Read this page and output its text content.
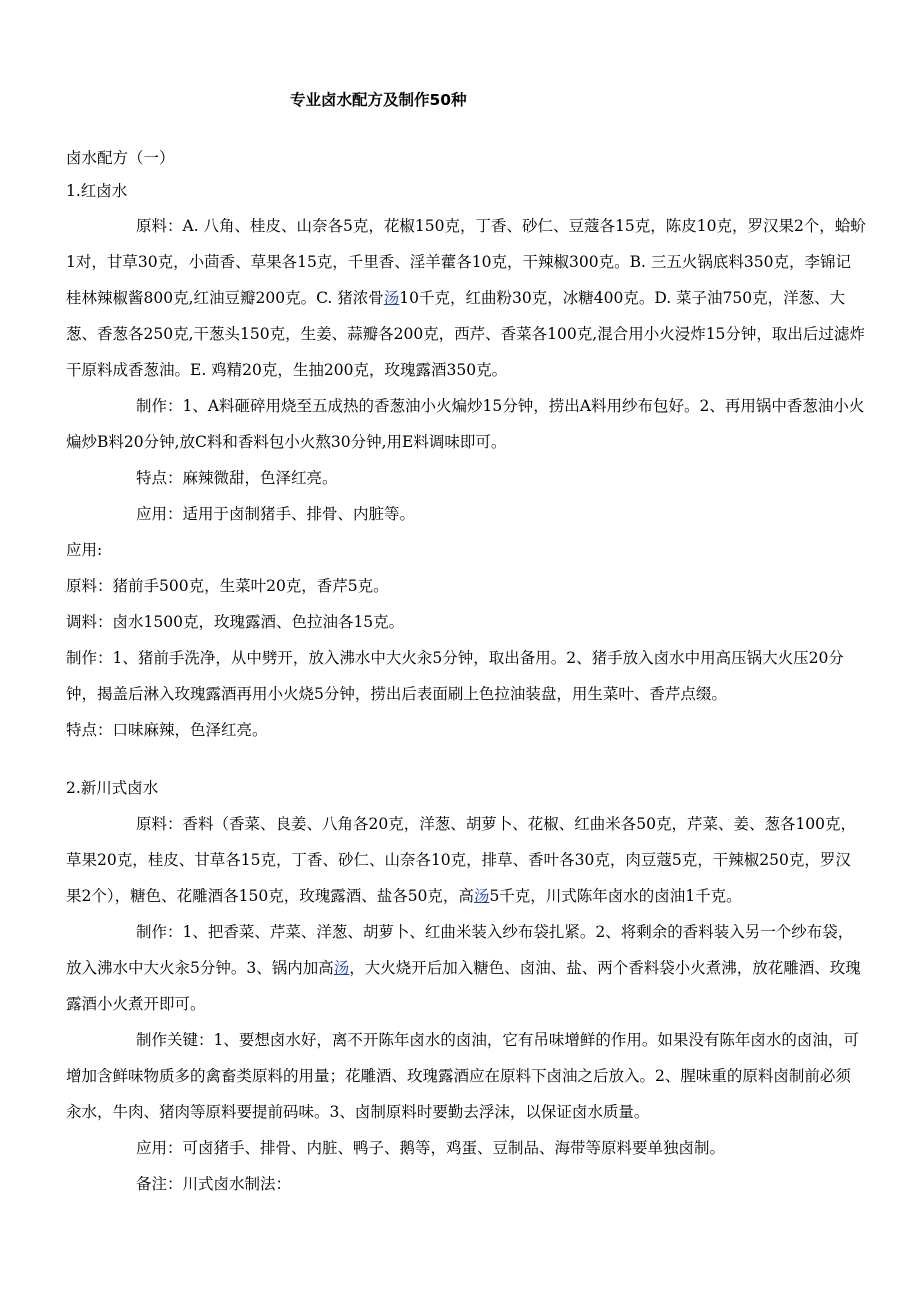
专业卤水配方及制作50种

卤水配方（一）

1.红卤水

原料：A. 八角、桂皮、山奈各5克，花椒150克，丁香、砂仁、豆蔻各15克，陈皮10克，罗汉果2个，蛤蚧1对，甘草30克，小茴香、草果各15克，千里香、淫羊藿各10克，干辣椒300克。B. 三五火锅底料350克，李锦记桂林辣椒酱800克,红油豆瓣200克。C. 猪浓骨汤10千克，红曲粉30克，冰糖400克。D. 菜子油750克，洋葱、大葱、香葱各250克,干葱头150克，生姜、蒜瓣各200克，西芹、香菜各100克,混合用小火浸炸15分钟，取出后过滤炸干原料成香葱油。E. 鸡精20克，生抽200克，玫瑰露酒350克。

制作：1、A料砸碎用烧至五成热的香葱油小火煸炒15分钟，捞出A料用纱布包好。2、再用锅中香葱油小火煸炒B料20分钟,放C料和香料包小火熬30分钟,用E料调味即可。

特点：麻辣微甜，色泽红亮。

应用：适用于卤制猪手、排骨、内脏等。

应用:

原料：猪前手500克，生菜叶20克，香芹5克。

调料：卤水1500克，玫瑰露酒、色拉油各15克。

制作：1、猪前手洗净，从中劈开，放入沸水中大火汆5分钟，取出备用。2、猪手放入卤水中用高压锅大火压20分钟，揭盖后淋入玫瑰露酒再用小火烧5分钟，捞出后表面刷上色拉油装盘，用生菜叶、香芹点缀。

特点：口味麻辣，色泽红亮。

2.新川式卤水

原料：香料（香菜、良姜、八角各20克，洋葱、胡萝卜、花椒、红曲米各50克，芹菜、姜、葱各100克，草果20克，桂皮、甘草各15克，丁香、砂仁、山奈各10克，排草、香叶各30克，肉豆蔻5克，干辣椒250克，罗汉果2个），糖色、花雕酒各150克，玫瑰露酒、盐各50克，高汤5千克，川式陈年卤水的卤油1千克。

制作：1、把香菜、芹菜、洋葱、胡萝卜、红曲米装入纱布袋扎紧。2、将剩余的香料装入另一个纱布袋，放入沸水中大火汆5分钟。3、锅内加高汤，大火烧开后加入糖色、卤油、盐、两个香料袋小火煮沸，放花雕酒、玫瑰露酒小火煮开即可。

制作关键：1、要想卤水好，离不开陈年卤水的卤油，它有吊味增鲜的作用。如果没有陈年卤水的卤油，可增加含鲜味物质多的禽畜类原料的用量；花雕酒、玫瑰露酒应在原料下卤油之后放入。2、腥味重的原料卤制前必须汆水，牛肉、猪肉等原料要提前码味。3、卤制原料时要勤去浮沫，以保证卤水质量。

应用：可卤猪手、排骨、内脏、鸭子、鹅等，鸡蛋、豆制品、海带等原料要单独卤制。

备注：川式卤水制法：
